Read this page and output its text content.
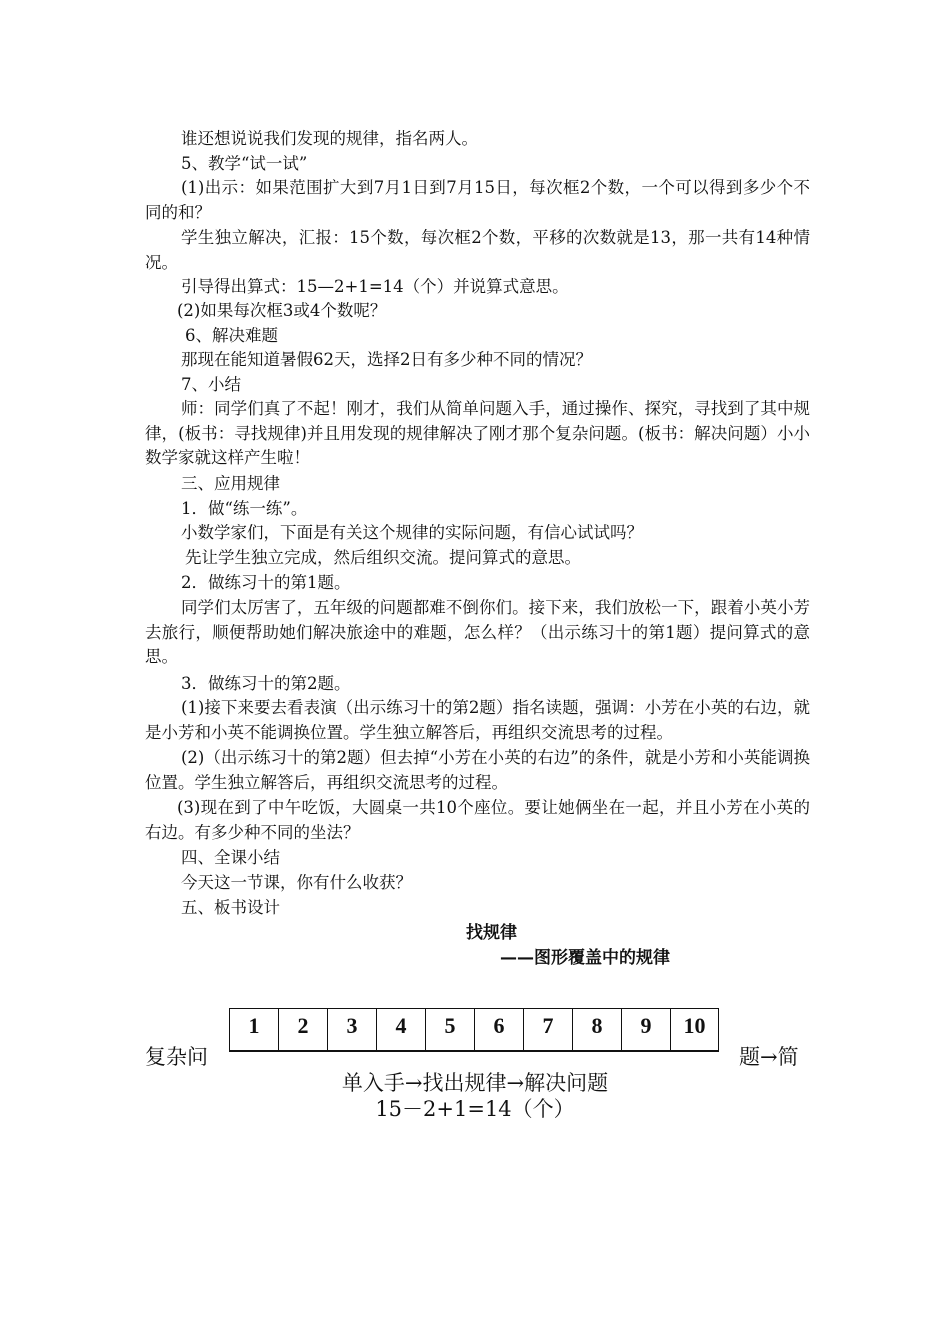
谁还想说说我们发现的规律，指名两人。
5、教学“试一试”
(1)出示：如果范围扩大到7月1日到7月15日，每次框2个数，一个可以得到多少个不同的和？
学生独立解决，汇报：15个数，每次框2个数，平移的次数就是13，那一共有14种情况。
引导得出算式：15—2+1=14（个）并说算式意思。
(2)如果每次框3或4个数呢？
6、解决难题
那现在能知道暑假62天，选择2日有多少种不同的情况？
7、小结
师：同学们真了不起！刚才，我们从简单问题入手，通过操作、探究，寻找到了其中规律，(板书：寻找规律)并且用发现的规律解决了刚才那个复杂问题。(板书：解决问题）小小数学家就这样产生啦！
三、应用规律
1．做“练一练”。
小数学家们，下面是有关这个规律的实际问题，有信心试试吗？
先让学生独立完成，然后组织交流。提问算式的意思。
2．做练习十的第1题。
同学们太厉害了，五年级的问题都难不倒你们。接下来，我们放松一下，跟着小英小芳去旅行，顺便帮助她们解决旅途中的难题，怎么样？（出示练习十的第1题）提问算式的意思。
3．做练习十的第2题。
(1)接下来要去看表演（出示练习十的第2题）指名读题，强调：小芳在小英的右边，就是小芳和小英不能调换位置。学生独立解答后，再组织交流思考的过程。
(2)（出示练习十的第2题）但去掉“小芳在小英的右边”的条件，就是小芳和小英能调换位置。学生独立解答后，再组织交流思考的过程。
(3)现在到了中午吃饭，大圆桌一共10个座位。要让她俩坐在一起，并且小芳在小英的右边。有多少种不同的坐法？
四、全课小结
今天这一节课，你有什么收获？
五、板书设计
找规律
——图形覆盖中的规律
1	2	3	4	5	6	7	8	9	10
复杂问	题→简
单入手→找出规律→解决问题
15－2+1=14（个）
